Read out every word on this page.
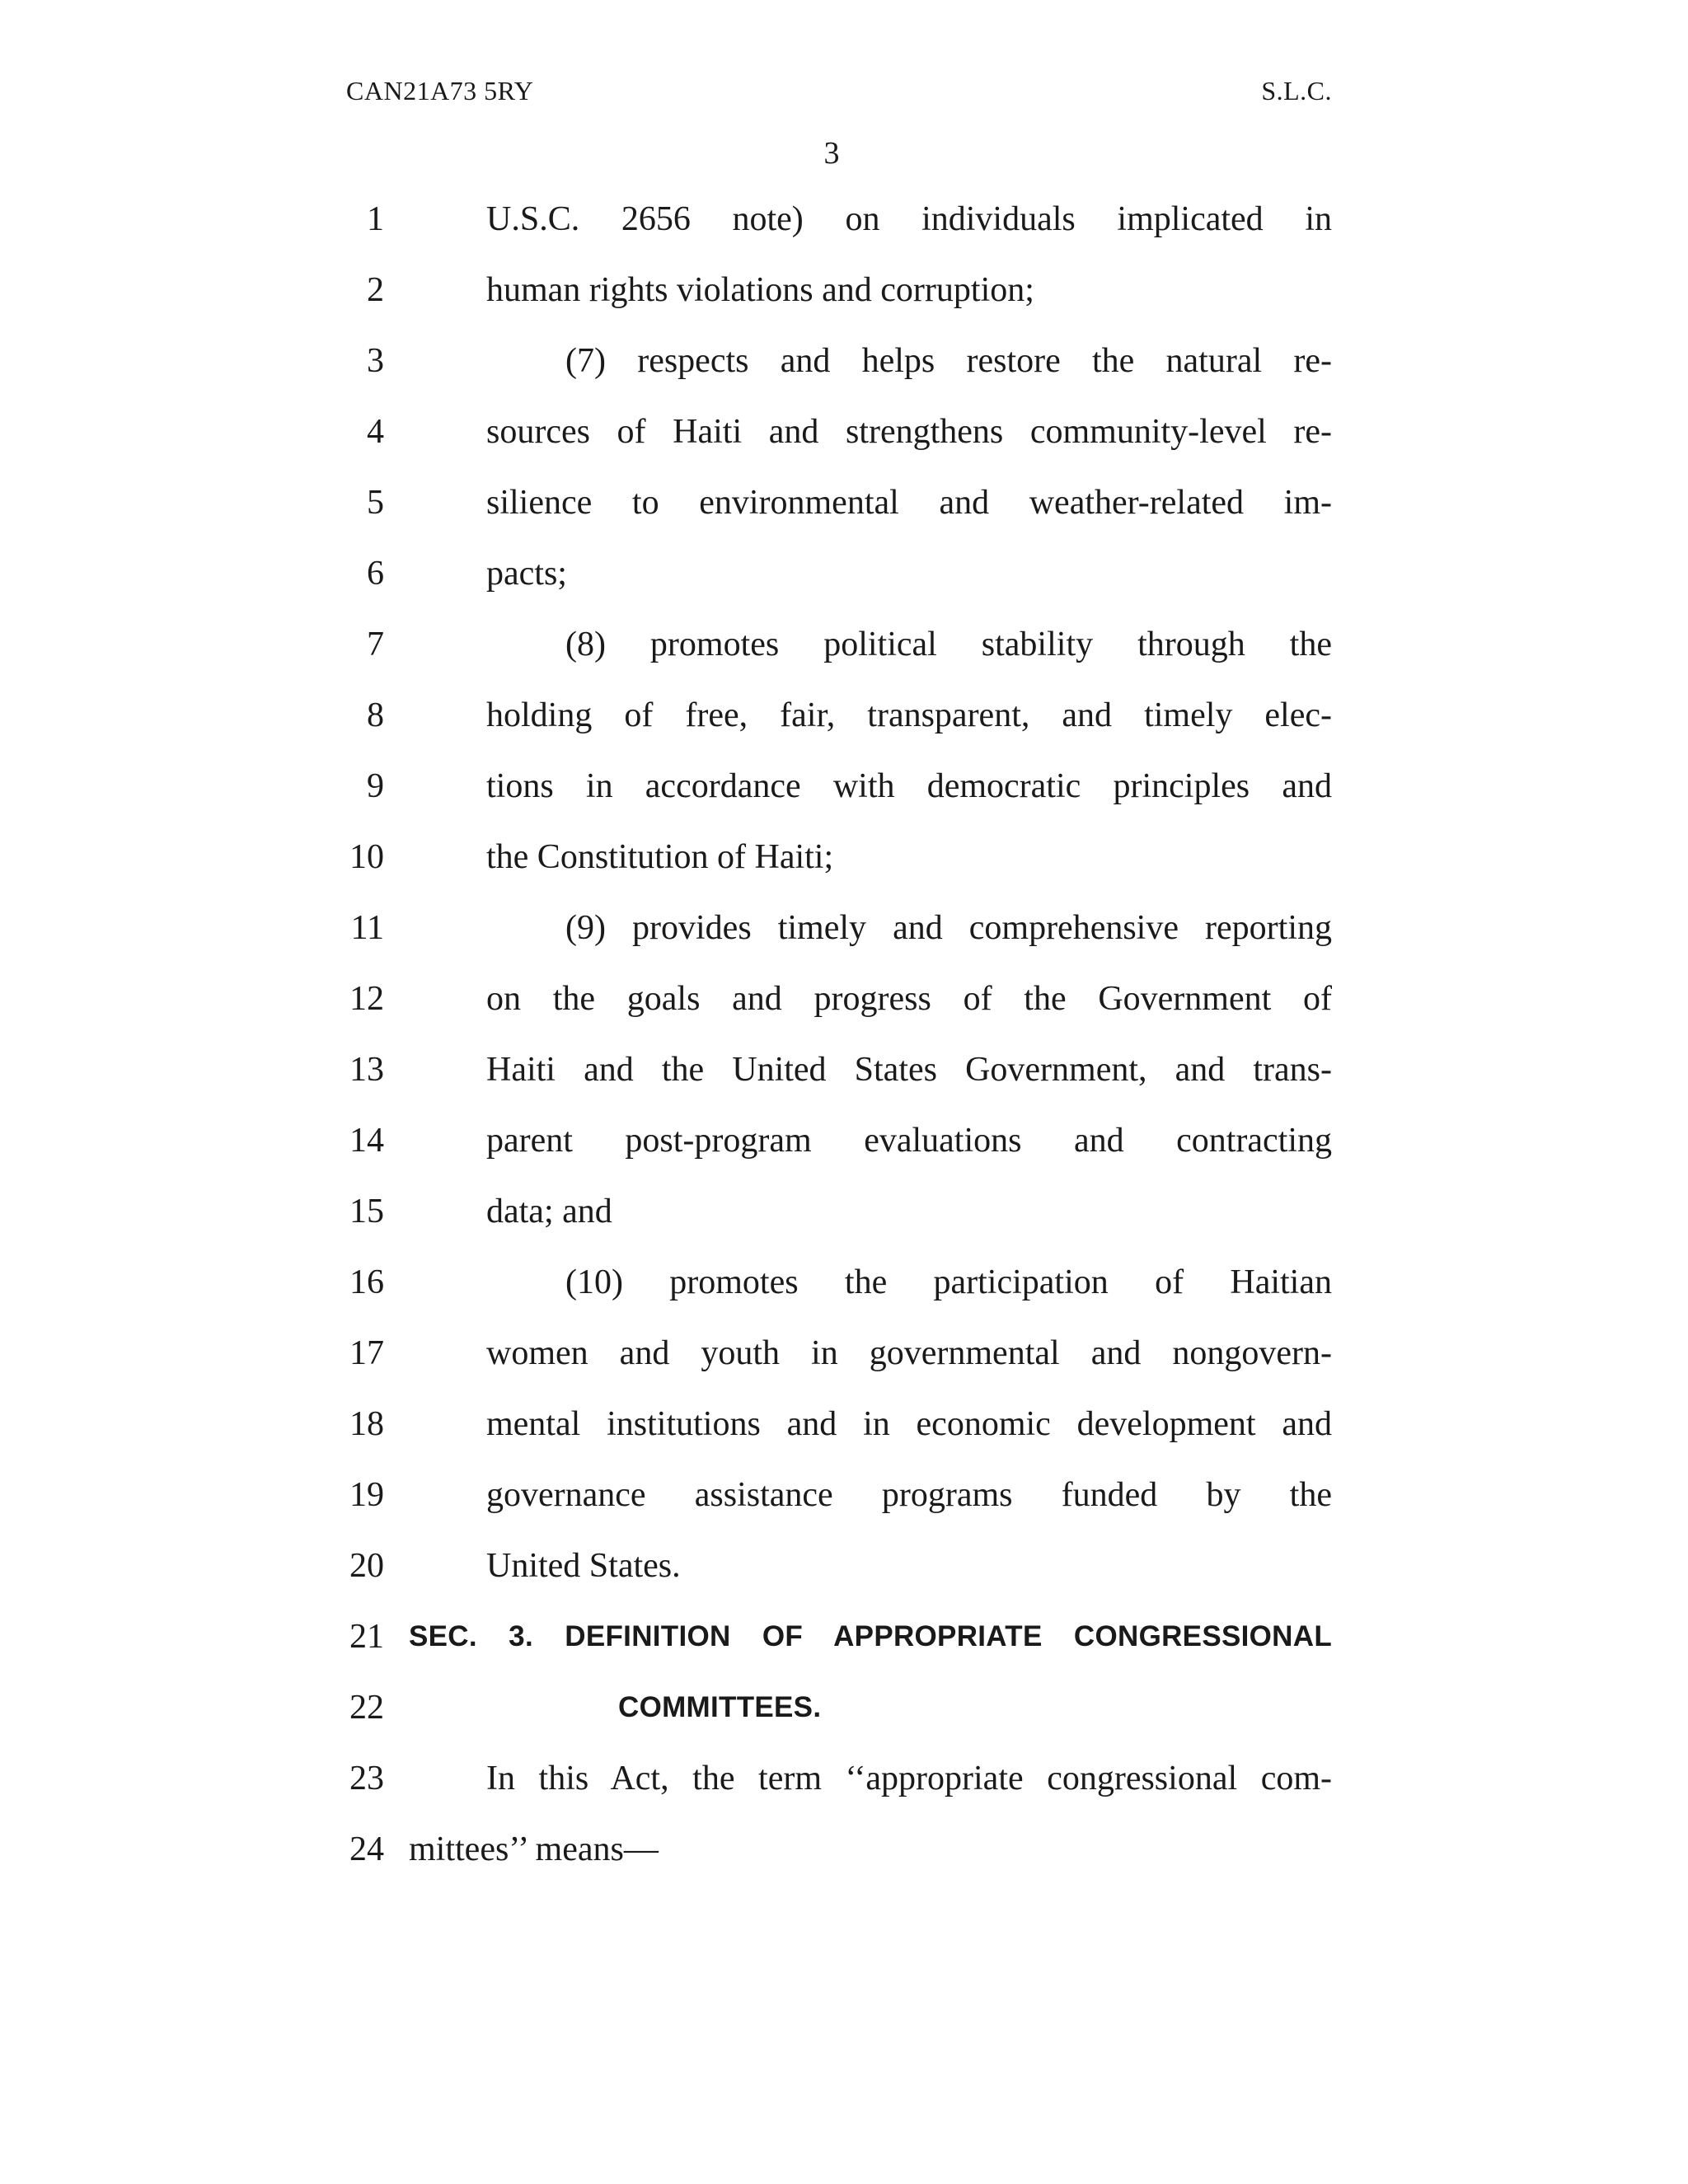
CAN21A73 5RY	S.L.C.
3
1	U.S.C. 2656 note) on individuals implicated in
2	human rights violations and corruption;
3	(7) respects and helps restore the natural re-
4	sources of Haiti and strengthens community-level re-
5	silience to environmental and weather-related im-
6	pacts;
7	(8) promotes political stability through the
8	holding of free, fair, transparent, and timely elec-
9	tions in accordance with democratic principles and
10	the Constitution of Haiti;
11	(9) provides timely and comprehensive reporting
12	on the goals and progress of the Government of
13	Haiti and the United States Government, and trans-
14	parent post-program evaluations and contracting
15	data; and
16	(10) promotes the participation of Haitian
17	women and youth in governmental and nongovern-
18	mental institutions and in economic development and
19	governance assistance programs funded by the
20	United States.
21 SEC. 3. DEFINITION OF APPROPRIATE CONGRESSIONAL
22	COMMITTEES.
23	In this Act, the term ‘‘appropriate congressional com-
24 mittees’’ means—
